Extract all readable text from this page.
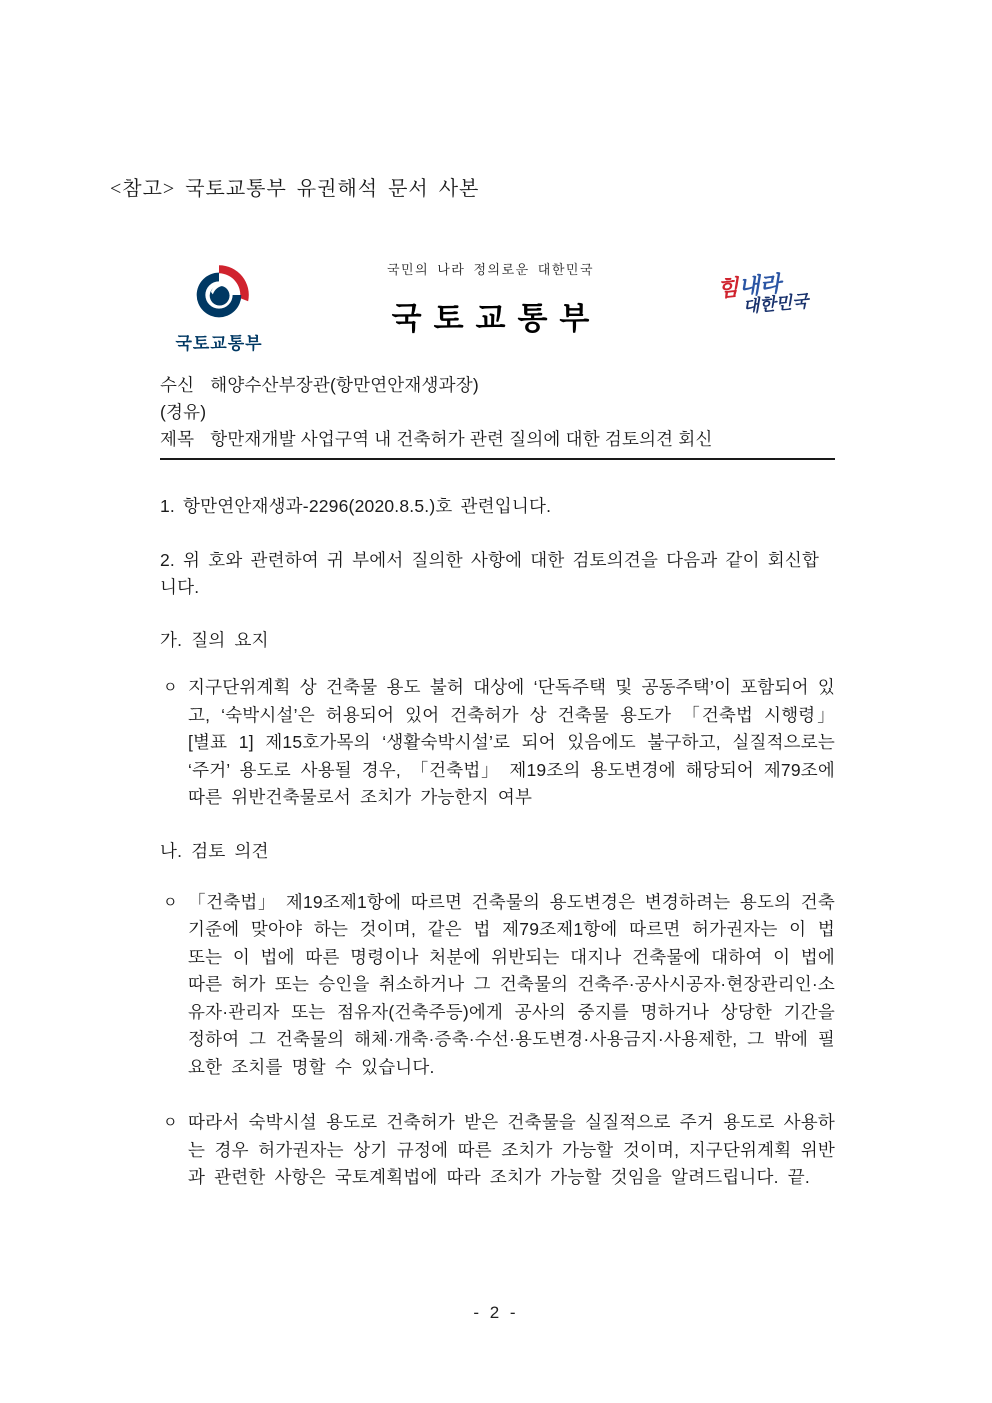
<참고> 국토교통부 유권해석 문서 사본
국토교통부
국민의 나라 정의로운 대한민국
국토교통부
힘내라
대한민국
수신 해양수산부장관(항만연안재생과장)
(경유)
제목 항만재개발 사업구역 내 건축허가 관련 질의에 대한 검토의견 회신

1. 항만연안재생과-2296(2020.8.5.)호 관련입니다.

2. 위 호와 관련하여 귀 부에서 질의한 사항에 대한 검토의견을 다음과 같이 회신합니다.

가. 질의 요지
ㅇ 지구단위계획 상 건축물 용도 불허 대상에 ‘단독주택 및 공동주택’이 포함되어 있고, ‘숙박시설’은 허용되어 있어 건축허가 상 건축물 용도가 「건축법 시행령」 [별표 1] 제15호가목의 ‘생활숙박시설’로 되어 있음에도 불구하고, 실질적으로는 ‘주거’ 용도로 사용될 경우, 「건축법」 제19조의 용도변경에 해당되어 제79조에 따른 위반건축물로서 조치가 가능한지 여부
나. 검토 의견
ㅇ 「건축법」 제19조제1항에 따르면 건축물의 용도변경은 변경하려는 용도의 건축기준에 맞아야 하는 것이며, 같은 법 제79조제1항에 따르면 허가권자는 이 법 또는 이 법에 따른 명령이나 처분에 위반되는 대지나 건축물에 대하여 이 법에 따른 허가 또는 승인을 취소하거나 그 건축물의 건축주·공사시공자·현장관리인·소유자·관리자 또는 점유자(건축주등)에게 공사의 중지를 명하거나 상당한 기간을 정하여 그 건축물의 해체·개축·증축·수선·용도변경·사용금지·사용제한, 그 밖에 필요한 조치를 명할 수 있습니다.
ㅇ 따라서 숙박시설 용도로 건축허가 받은 건축물을 실질적으로 주거 용도로 사용하는 경우 허가권자는 상기 규정에 따른 조치가 가능할 것이며, 지구단위계획 위반과 관련한 사항은 국토계획법에 따라 조치가 가능할 것임을 알려드립니다. 끝.
- 2 -
